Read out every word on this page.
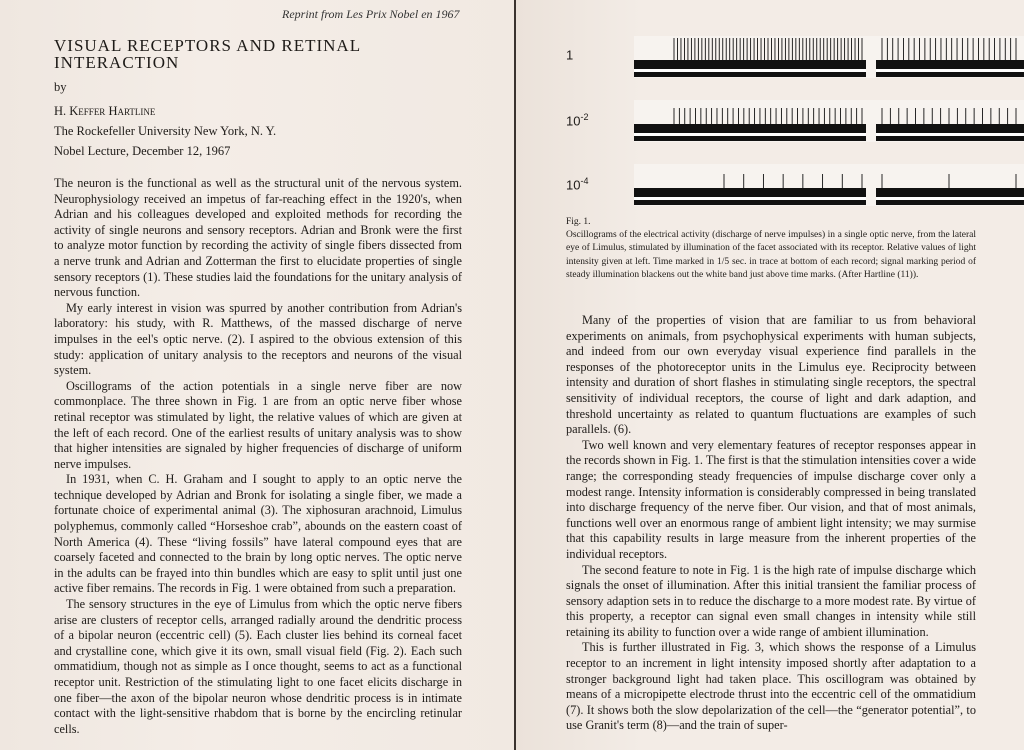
Reprint from Les Prix Nobel en 1967
VISUAL RECEPTORS AND RETINAL INTERACTION
by
H. Keffer Hartline
The Rockefeller University New York, N. Y.
Nobel Lecture, December 12, 1967

The neuron is the functional as well as the structural unit of the nervous system. Neurophysiology received an impetus of far-reaching effect in the 1920's, when Adrian and his colleagues developed and exploited methods for recording the activity of single neurons and sensory receptors. Adrian and Bronk were the first to analyze motor function by recording the activity of single fibers dissected from a nerve trunk and Adrian and Zotterman the first to elucidate properties of single sensory receptors (1). These studies laid the foundations for the unitary analysis of nervous function.

My early interest in vision was spurred by another contribution from Adrian's laboratory: his study, with R. Matthews, of the massed discharge of nerve impulses in the eel's optic nerve. (2). I aspired to the obvious extension of this study: application of unitary analysis to the receptors and neurons of the visual system.

Oscillograms of the action potentials in a single nerve fiber are now commonplace. The three shown in Fig. 1 are from an optic nerve fiber whose retinal receptor was stimulated by light, the relative values of which are given at the left of each record. One of the earliest results of unitary analysis was to show that higher intensities are signaled by higher frequencies of discharge of uniform nerve impulses.

In 1931, when C. H. Graham and I sought to apply to an optic nerve the technique developed by Adrian and Bronk for isolating a single fiber, we made a fortunate choice of experimental animal (3). The xiphosuran arachnoid, Limulus polyphemus, commonly called “Horseshoe crab”, abounds on the eastern coast of North America (4). These “living fossils” have lateral compound eyes that are coarsely faceted and connected to the brain by long optic nerves. The optic nerve in the adults can be frayed into thin bundles which are easy to split until just one active fiber remains. The records in Fig. 1 were obtained from such a preparation.

The sensory structures in the eye of Limulus from which the optic nerve fibers arise are clusters of receptor cells, arranged radially around the dendritic process of a bipolar neuron (eccentric cell) (5). Each cluster lies behind its corneal facet and crystalline cone, which give it its own, small visual field (Fig. 2). Each such ommatidium, though not as simple as I once thought, seems to act as a functional receptor unit. Restriction of the stimulating light to one facet elicits discharge in one fiber—the axon of the bipolar neuron whose dendritic process is in intimate contact with the light-sensitive rhabdom that is borne by the encircling retinular cells.

1
$10^{-2}$
$10^{-4}$
Fig. 1.
Oscillograms of the electrical activity (discharge of nerve impulses) in a single optic nerve, from the lateral eye of Limulus, stimulated by illumination of the facet associated with its receptor. Relative values of light intensity given at left. Time marked in 1/5 sec. in trace at bottom of each record; signal marking period of steady illumination blackens out the white band just above time marks. (After Hartline (11)).

Many of the properties of vision that are familiar to us from behavioral experiments on animals, from psychophysical experiments with human subjects, and indeed from our own everyday visual experience find parallels in the responses of the photoreceptor units in the Limulus eye. Reciprocity between intensity and duration of short flashes in stimulating single receptors, the spectral sensitivity of individual receptors, the course of light and dark adaption, and threshold uncertainty as related to quantum fluctuations are examples of such parallels. (6).

Two well known and very elementary features of receptor responses appear in the records shown in Fig. 1. The first is that the stimulation intensities cover a wide range; the corresponding steady frequencies of impulse discharge cover only a modest range. Intensity information is considerably compressed in being translated into discharge frequency of the nerve fiber. Our vision, and that of most animals, functions well over an enormous range of ambient light intensity; we may surmise that this capability results in large measure from the inherent properties of the individual receptors.

The second feature to note in Fig. 1 is the high rate of impulse discharge which signals the onset of illumination. After this initial transient the familiar process of sensory adaption sets in to reduce the discharge to a more modest rate. By virtue of this property, a receptor can signal even small changes in intensity while still retaining its ability to function over a wide range of ambient illumination.

This is further illustrated in Fig. 3, which shows the response of a Limulus receptor to an increment in light intensity imposed shortly after adaptation to a stronger background light had taken place. This oscillogram was obtained by means of a micropipette electrode thrust into the eccentric cell of the ommatidium (7). It shows both the slow depolarization of the cell—the “generator potential”, to use Granit's term (8)—and the train of super-
